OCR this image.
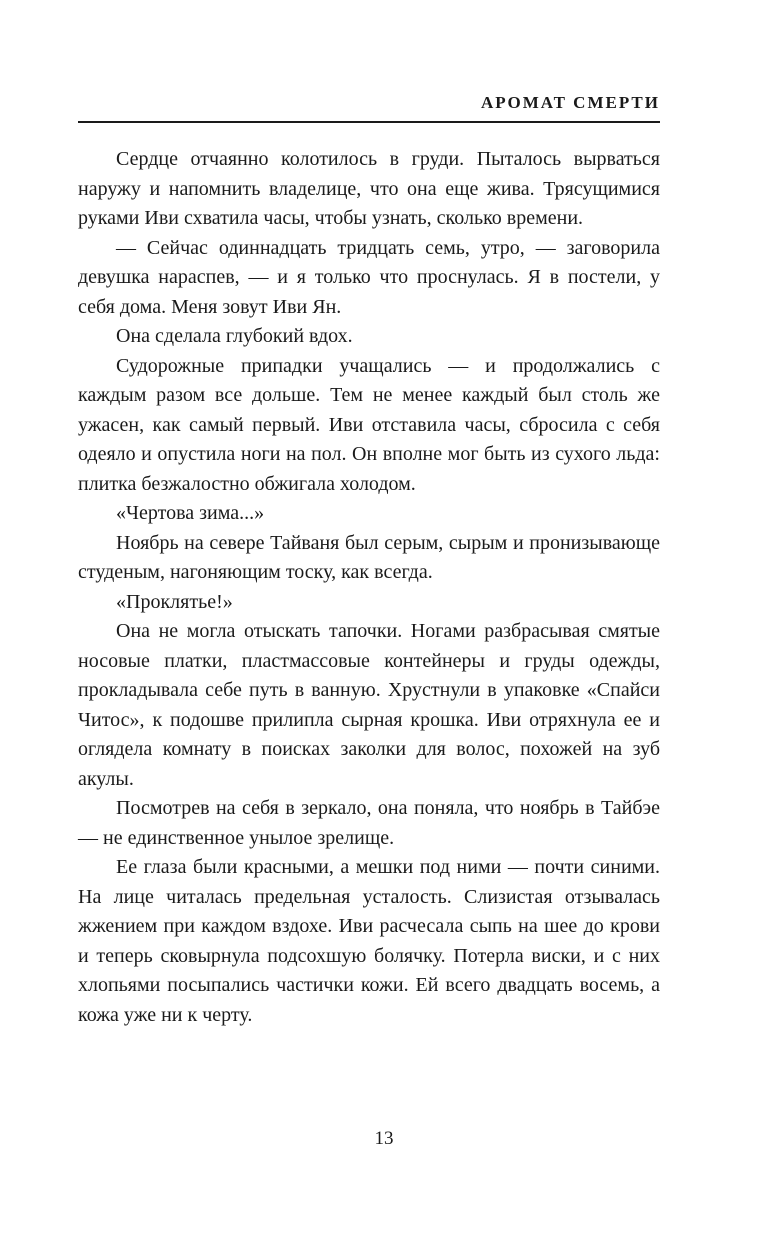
АРОМАТ СМЕРТИ

Сердце отчаянно колотилось в груди. Пыталось вырваться наружу и напомнить владелице, что она еще жива. Трясущимися руками Иви схватила часы, чтобы узнать, сколько времени.

— Сейчас одиннадцать тридцать семь, утро, — заговорила девушка нараспев, — и я только что проснулась. Я в постели, у себя дома. Меня зовут Иви Ян.

Она сделала глубокий вдох.

Судорожные припадки учащались — и продолжались с каждым разом все дольше. Тем не менее каждый был столь же ужасен, как самый первый. Иви отставила часы, сбросила с себя одеяло и опустила ноги на пол. Он вполне мог быть из сухого льда: плитка безжалостно обжигала холодом.

«Чертова зима...»

Ноябрь на севере Тайваня был серым, сырым и пронизывающе студеным, нагоняющим тоску, как всегда.

«Проклятье!»

Она не могла отыскать тапочки. Ногами разбрасывая смятые носовые платки, пластмассовые контейнеры и груды одежды, прокладывала себе путь в ванную. Хрустнули в упаковке «Спайси Читос», к подошве прилипла сырная крошка. Иви отряхнула ее и оглядела комнату в поисках заколки для волос, похожей на зуб акулы.

Посмотрев на себя в зеркало, она поняла, что ноябрь в Тайбэе — не единственное унылое зрелище.

Ее глаза были красными, а мешки под ними — почти синими. На лице читалась предельная усталость. Слизистая отзывалась жжением при каждом вздохе. Иви расчесала сыпь на шее до крови и теперь сковырнула подсохшую болячку. Потерла виски, и с них хлопьями посыпались частички кожи. Ей всего двадцать восемь, а кожа уже ни к черту.

13
